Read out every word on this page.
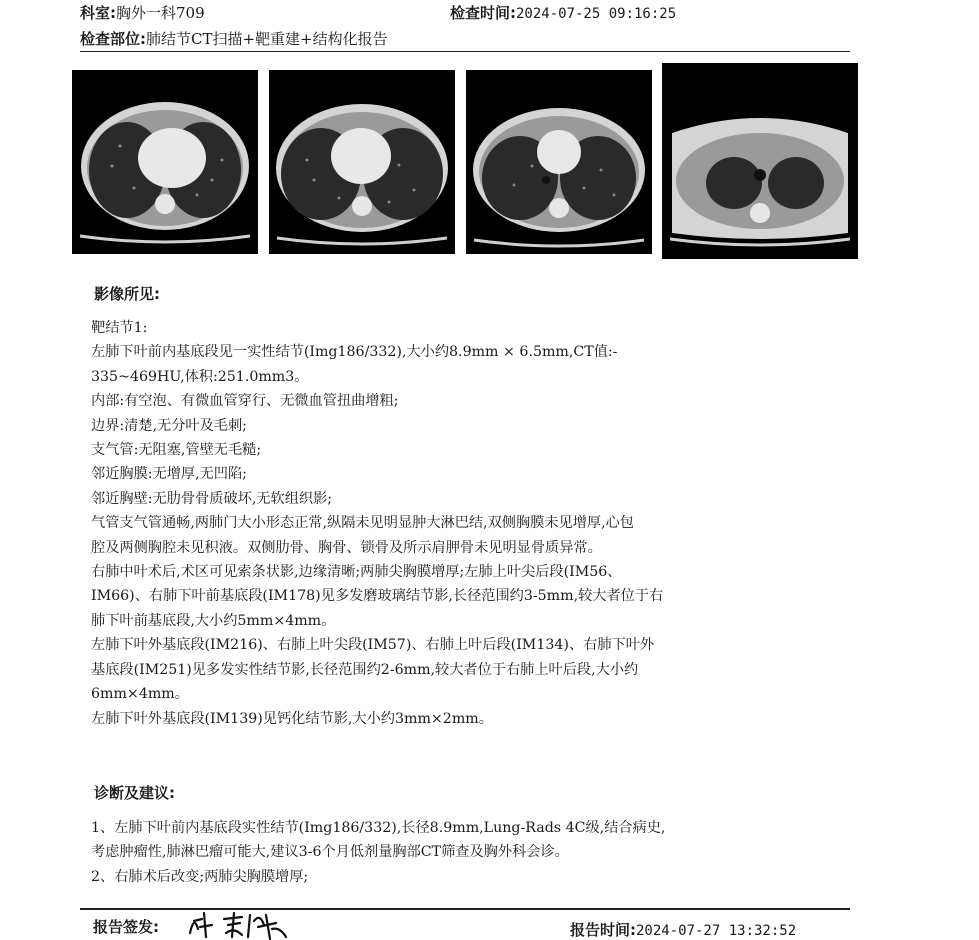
科室:胸外一科709	检查时间:2024-07-25 09:16:25
检查部位:肺结节CT扫描+靶重建+结构化报告
影像所见:

靶结节1:

左肺下叶前内基底段见一实性结节(Img186/332),大小约8.9mm × 6.5mm,CT值:-

335~469HU,体积:251.0mm3。

内部:有空泡、有微血管穿行、无微血管扭曲增粗;

边界:清楚,无分叶及毛刺;

支气管:无阻塞,管壁无毛糙;

邻近胸膜:无增厚,无凹陷;

邻近胸壁:无肋骨骨质破坏,无软组织影;

气管支气管通畅,两肺门大小形态正常,纵隔未见明显肿大淋巴结,双侧胸膜未见增厚,心包

腔及两侧胸腔未见积液。双侧肋骨、胸骨、锁骨及所示肩胛骨未见明显骨质异常。

右肺中叶术后,术区可见索条状影,边缘清晰;两肺尖胸膜增厚;左肺上叶尖后段(IM56、

IM66)、右肺下叶前基底段(IM178)见多发磨玻璃结节影,长径范围约3-5mm,较大者位于右

肺下叶前基底段,大小约5mm×4mm。

左肺下叶外基底段(IM216)、右肺上叶尖段(IM57)、右肺上叶后段(IM134)、右肺下叶外

基底段(IM251)见多发实性结节影,长径范围约2-6mm,较大者位于右肺上叶后段,大小约

6mm×4mm。

左肺下叶外基底段(IM139)见钙化结节影,大小约3mm×2mm。

诊断及建议:

1、左肺下叶前内基底段实性结节(Img186/332),长径8.9mm,Lung-Rads 4C级,结合病史,

考虑肿瘤性,肺淋巴瘤可能大,建议3-6个月低剂量胸部CT筛查及胸外科会诊。

2、右肺术后改变;两肺尖胸膜增厚;

报告签发:	报告时间:2024-07-27 13:32:52
